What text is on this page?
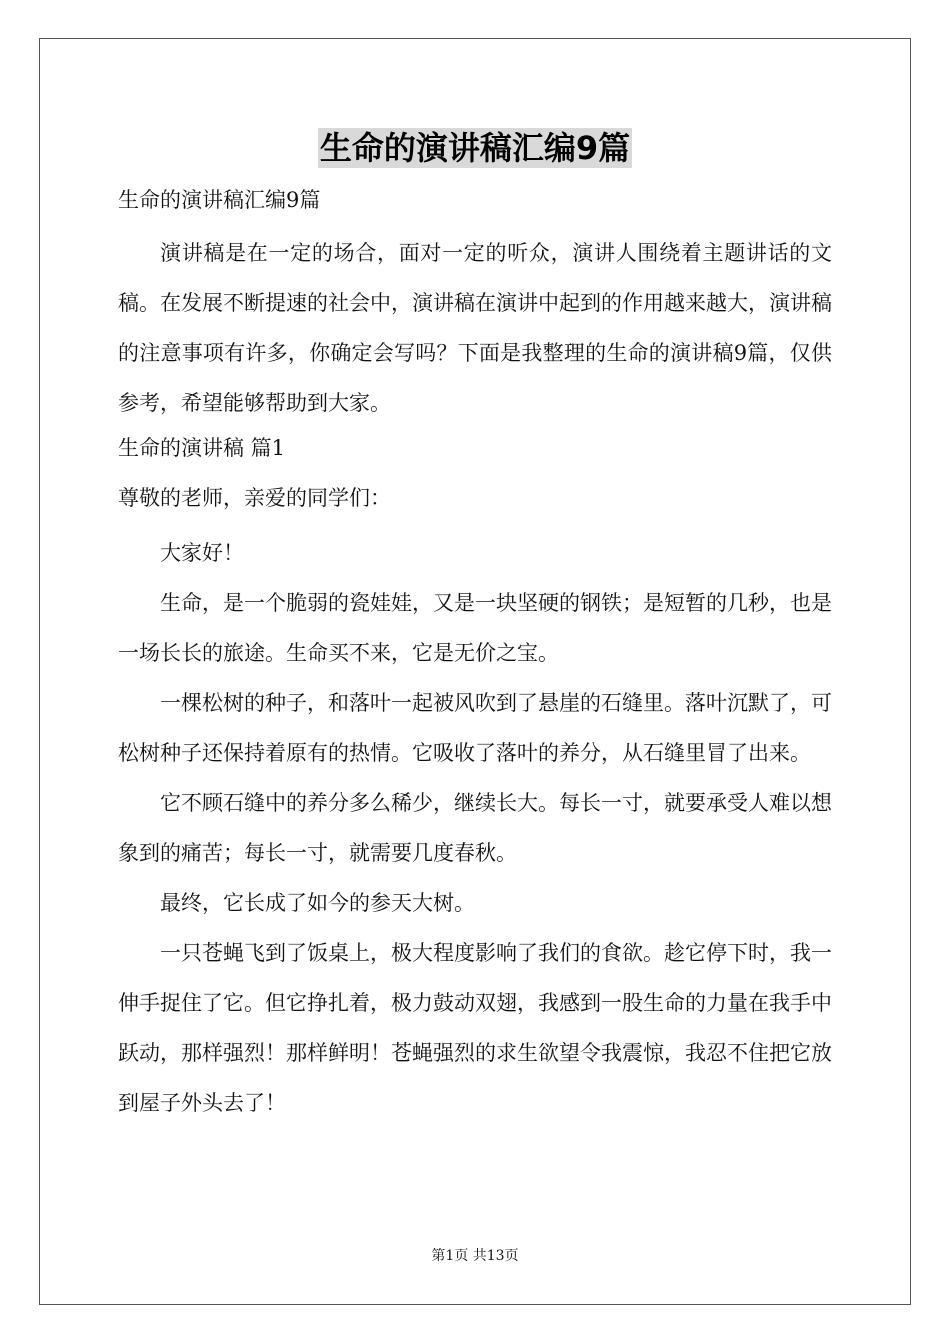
生命的演讲稿汇编9篇
生命的演讲稿汇编9篇

演讲稿是在一定的场合，面对一定的听众，演讲人围绕着主题讲话的文稿。在发展不断提速的社会中，演讲稿在演讲中起到的作用越来越大，演讲稿的注意事项有许多，你确定会写吗？下面是我整理的生命的演讲稿9篇，仅供参考，希望能够帮助到大家。

生命的演讲稿 篇1
尊敬的老师，亲爱的同学们：

大家好！

生命，是一个脆弱的瓷娃娃，又是一块坚硬的钢铁；是短暂的几秒，也是一场长长的旅途。生命买不来，它是无价之宝。

一棵松树的种子，和落叶一起被风吹到了悬崖的石缝里。落叶沉默了，可松树种子还保持着原有的热情。它吸收了落叶的养分，从石缝里冒了出来。

它不顾石缝中的养分多么稀少，继续长大。每长一寸，就要承受人难以想象到的痛苦；每长一寸，就需要几度春秋。

最终，它长成了如今的参天大树。

一只苍蝇飞到了饭桌上，极大程度影响了我们的食欲。趁它停下时，我一伸手捉住了它。但它挣扎着，极力鼓动双翅，我感到一股生命的力量在我手中跃动，那样强烈！那样鲜明！苍蝇强烈的求生欲望令我震惊，我忍不住把它放到屋子外头去了！

第1页 共13页
